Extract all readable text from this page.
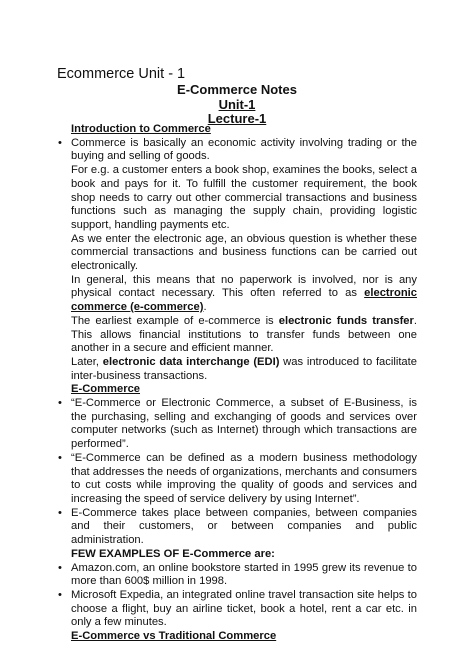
Ecommerce Unit - 1
E-Commerce Notes
Unit-1
Lecture-1
Introduction to Commerce
• Commerce is basically an economic activity involving trading or the buying and selling of goods.
For e.g. a customer enters a book shop, examines the books, select a book and pays for it. To fulfill the customer requirement, the book shop needs to carry out other commercial transactions and business functions such as managing the supply chain, providing logistic support, handling payments etc.
As we enter the electronic age, an obvious question is whether these commercial transactions and business functions can be carried out electronically.
In general, this means that no paperwork is involved, nor is any physical contact necessary. This often referred to as electronic commerce (e-commerce).
The earliest example of e-commerce is electronic funds transfer. This allows financial institutions to transfer funds between one another in a secure and efficient manner.
Later, electronic data interchange (EDI) was introduced to facilitate inter-business transactions.
E-Commerce
• “E-Commerce or Electronic Commerce, a subset of E-Business, is the purchasing, selling and exchanging of goods and services over computer networks (such as Internet) through which transactions are performed”.
• “E-Commerce can be defined as a modern business methodology that addresses the needs of organizations, merchants and consumers to cut costs while improving the quality of goods and services and increasing the speed of service delivery by using Internet”.
• E-Commerce takes place between companies, between companies and their customers, or between companies and public administration.
FEW EXAMPLES OF E-Commerce are:
• Amazon.com, an online bookstore started in 1995 grew its revenue to more than 600$ million in 1998.
• Microsoft Expedia, an integrated online travel transaction site helps to choose a flight, buy an airline ticket, book a hotel, rent a car etc. in only a few minutes.
E-Commerce vs Traditional Commerce
